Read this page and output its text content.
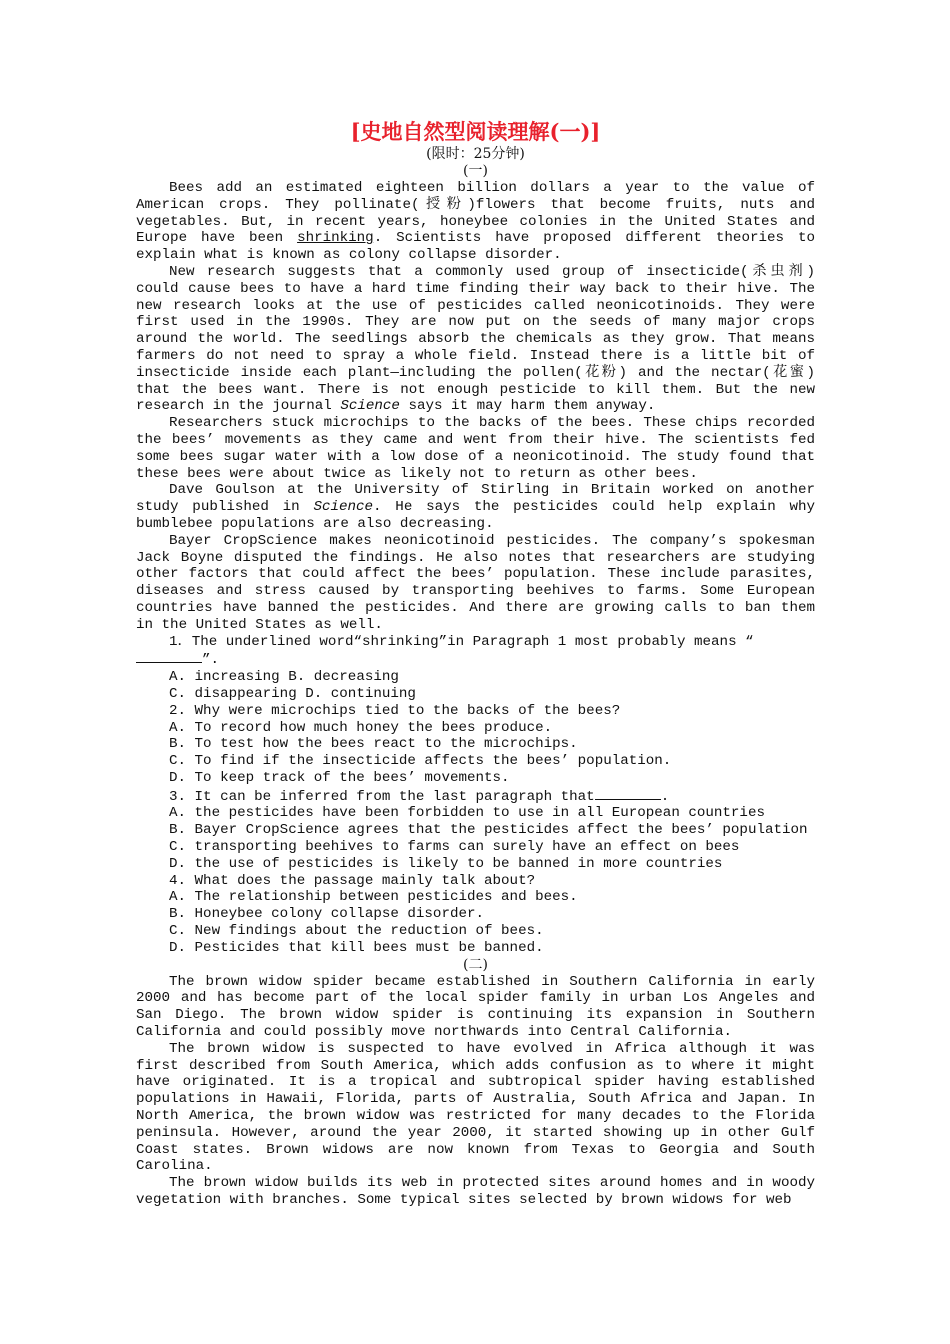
[史地自然型阅读理解(一)]
(限时：25分钟)
(一)

Bees add an estimated eighteen billion dollars a year to the value of American crops. They pollinate(授粉)flowers that become fruits, nuts and vegetables. But, in recent years, honeybee colonies in the United States and Europe have been shrinking. Scientists have proposed different theories to explain what is known as colony collapse disorder.

New research suggests that a commonly used group of insecticide(杀虫剂) could cause bees to have a hard time finding their way back to their hive. The new research looks at the use of pesticides called neonicotinoids. They were first used in the 1990s. They are now put on the seeds of many major crops around the world. The seedlings absorb the chemicals as they grow. That means farmers do not need to spray a whole field. Instead there is a little bit of insecticide inside each plant—including the pollen(花粉) and the nectar(花蜜) that the bees want. There is not enough pesticide to kill them. But the new research in the journal Science says it may harm them anyway.

Researchers stuck microchips to the backs of the bees. These chips recorded the bees’ movements as they came and went from their hive. The scientists fed some bees sugar water with a low dose of a neonicotinoid. The study found that these bees were about twice as likely not to return as other bees.

Dave Goulson at the University of Stirling in Britain worked on another study published in Science. He says the pesticides could help explain why bumblebee populations are also decreasing.

Bayer CropScience makes neonicotinoid pesticides. The company’s spokesman Jack Boyne disputed the findings. He also notes that researchers are studying other factors that could affect the bees’ population. These include parasites, diseases and stress caused by transporting beehives to farms. Some European countries have banned the pesticides. And there are growing calls to ban them in the United States as well.

1．The underlined word“shrinking”in Paragraph 1 most probably means “
”.

A. increasing B. decreasing

C. disappearing D. continuing

2. Why were microchips tied to the backs of the bees?

A. To record how much honey the bees produce.

B. To test how the bees react to the microchips.

C. To find if the insecticide affects the bees’ population.

D. To keep track of the bees’ movements.

3. It can be inferred from the last paragraph that	.

A. the pesticides have been forbidden to use in all European countries

B. Bayer CropScience agrees that the pesticides affect the bees’ population

C. transporting beehives to farms can surely have an effect on bees

D. the use of pesticides is likely to be banned in more countries

4. What does the passage mainly talk about?

A. The relationship between pesticides and bees.

B. Honeybee colony collapse disorder.

C. New findings about the reduction of bees.

D. Pesticides that kill bees must be banned.

(二)

The brown widow spider became established in Southern California in early 2000 and has become part of the local spider family in urban Los Angeles and San Diego. The brown widow spider is continuing its expansion in Southern California and could possibly move northwards into Central California.

The brown widow is suspected to have evolved in Africa although it was first described from South America, which adds confusion as to where it might have originated. It is a tropical and subtropical spider having established populations in Hawaii, Florida, parts of Australia, South Africa and Japan. In North America, the brown widow was restricted for many decades to the Florida peninsula. However, around the year 2000, it started showing up in other Gulf Coast states. Brown widows are now known from Texas to Georgia and South Carolina.

The brown widow builds its web in protected sites around homes and in woody vegetation with branches. Some typical sites selected by brown widows for web
